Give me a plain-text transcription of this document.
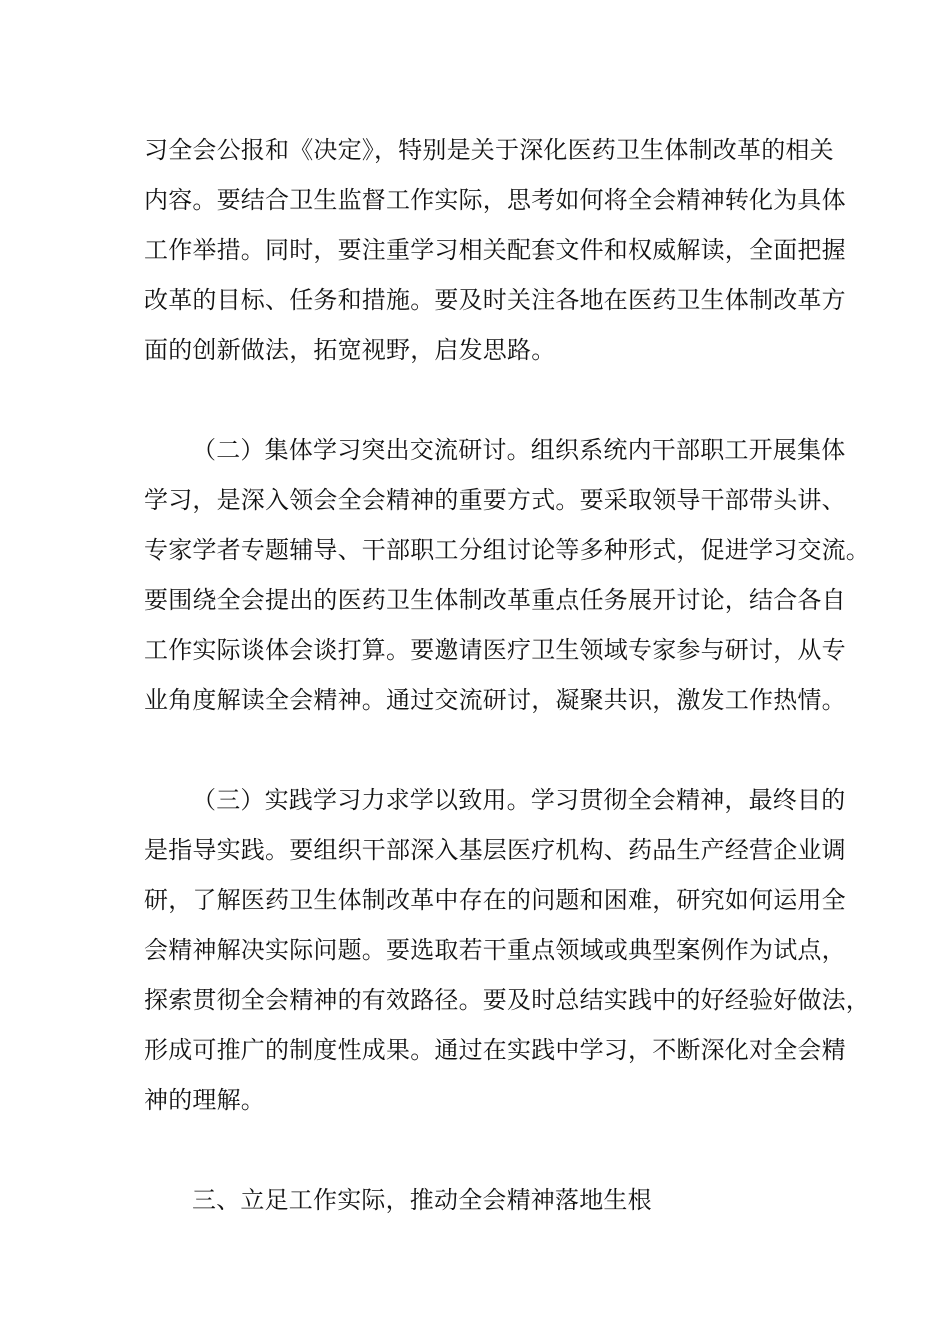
习全会公报和《决定》，特别是关于深化医药卫生体制改革的相关
内容。要结合卫生监督工作实际，思考如何将全会精神转化为具体
工作举措。同时，要注重学习相关配套文件和权威解读，全面把握
改革的目标、任务和措施。要及时关注各地在医药卫生体制改革方
面的创新做法，拓宽视野，启发思路。
（二）集体学习突出交流研讨。组织系统内干部职工开展集体
学习，是深入领会全会精神的重要方式。要采取领导干部带头讲、
专家学者专题辅导、干部职工分组讨论等多种形式，促进学习交流。
要围绕全会提出的医药卫生体制改革重点任务展开讨论，结合各自
工作实际谈体会谈打算。要邀请医疗卫生领域专家参与研讨，从专
业角度解读全会精神。通过交流研讨，凝聚共识，激发工作热情。
（三）实践学习力求学以致用。学习贯彻全会精神，最终目的
是指导实践。要组织干部深入基层医疗机构、药品生产经营企业调
研，了解医药卫生体制改革中存在的问题和困难，研究如何运用全
会精神解决实际问题。要选取若干重点领域或典型案例作为试点，
探索贯彻全会精神的有效路径。要及时总结实践中的好经验好做法，
形成可推广的制度性成果。通过在实践中学习，不断深化对全会精
神的理解。
三、立足工作实际，推动全会精神落地生根
